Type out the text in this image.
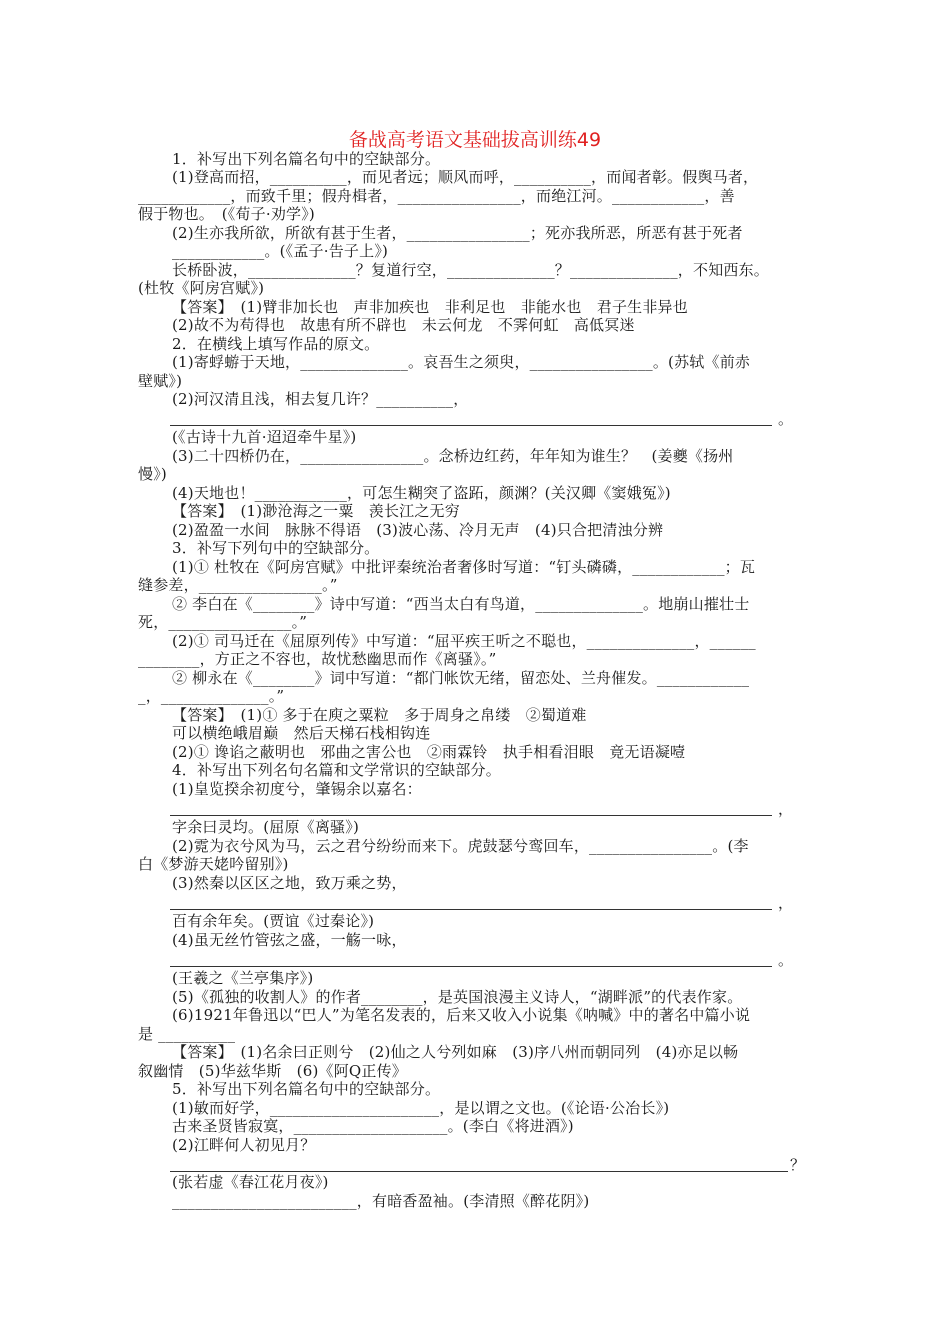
备战高考语文基础拔高训练49
1．补写出下列名篇名句中的空缺部分。
(1)登高而招，__________，而见者远；顺风而呼，__________，而闻者彰。假舆马者，
____________，而致千里；假舟楫者，________________，而绝江河。____________，善
假于物也。　(《荀子·劝学》)
(2)生亦我所欲，所欲有甚于生者，________________；死亦我所恶，所恶有甚于死者
____________。(《孟子·告子上》)
长桥卧波，______________？复道行空，______________？______________，不知西东。
(杜牧《阿房宫赋》)
【答案】　(1)臂非加长也　声非加疾也　非利足也　非能水也　君子生非异也
(2)故不为苟得也　故患有所不辟也　未云何龙　不霁何虹　高低冥迷
2．在横线上填写作品的原文。
(1)寄蜉蝣于天地，______________。哀吾生之须臾，________________。(苏轼《前赤
壁赋》)
(2)河汉清且浅，相去复几许？__________，
。
(《古诗十九首·迢迢牵牛星》)
(3)二十四桥仍在，________________。念桥边红药，年年知为谁生？　(姜夔《扬州
慢》)
(4)天地也！____________，可怎生糊突了盗跖，颜渊？(关汉卿《窦娥冤》)
【答案】　(1)渺沧海之一粟　羡长江之无穷
(2)盈盈一水间　脉脉不得语　(3)波心荡、冷月无声　(4)只合把清浊分辨
3．补写下列句中的空缺部分。
(1)① 杜牧在《阿房宫赋》中批评秦统治者奢侈时写道：“钉头磷磷，____________；瓦
缝参差，________________。”
② 李白在《________》诗中写道：“西当太白有鸟道，______________。地崩山摧壮士
死，________________。”
(2)① 司马迁在《屈原列传》中写道：“屈平疾王听之不聪也，______________，______
________，方正之不容也，故忧愁幽思而作《离骚》。”
② 柳永在《________》词中写道：“都门帐饮无绪，留恋处、兰舟催发。____________
_，______________。”
【答案】　(1)① 多于在庾之粟粒　多于周身之帛缕　②蜀道难
可以横绝峨眉巅　然后天梯石栈相钩连
(2)① 谗谄之蔽明也　邪曲之害公也　②雨霖铃　执手相看泪眼　竟无语凝噎
4．补写出下列名句名篇和文学常识的空缺部分。
(1)皇览揆余初度兮，肇锡余以嘉名：
，
字余曰灵均。(屈原《离骚》)
(2)霓为衣兮风为马，云之君兮纷纷而来下。虎鼓瑟兮鸾回车，________________。(李
白《梦游天姥吟留别》)
(3)然秦以区区之地，致万乘之势，
，
百有余年矣。(贾谊《过秦论》)
(4)虽无丝竹管弦之盛，一觞一咏，
。
(王羲之《兰亭集序》)
(5)《孤独的收割人》的作者________，是英国浪漫主义诗人，“湖畔派”的代表作家。
(6)1921年鲁迅以“巴人”为笔名发表的，后来又收入小说集《呐喊》中的著名中篇小说
是 __________
【答案】　(1)名余曰正则兮　(2)仙之人兮列如麻　(3)序八州而朝同列　(4)亦足以畅
叙幽情　(5)华兹华斯　(6)《阿Q正传》
5．补写出下列名篇名句中的空缺部分。
(1)敏而好学，______________________，是以谓之文也。(《论语·公冶长》)
古来圣贤皆寂寞，____________________。(李白《将进酒》)
(2)江畔何人初见月？
？
(张若虚《春江花月夜》)
________________________，有暗香盈袖。(李清照《醉花阴》)
